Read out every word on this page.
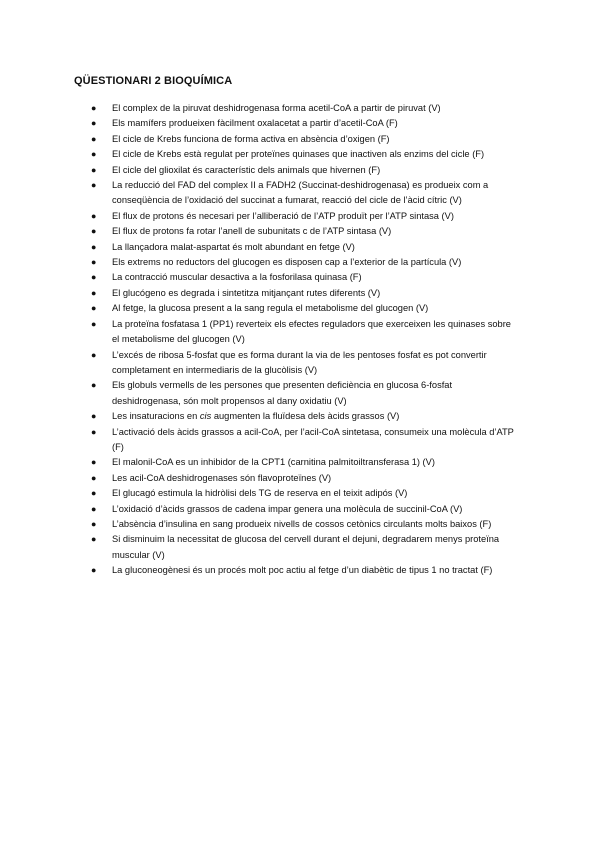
QÜESTIONARI 2 BIOQUÍMICA
● El complex de la piruvat deshidrogenasa forma acetil-CoA a partir de piruvat (V)
● Els mamífers produeixen fàcilment oxalacetat a partir d’acetil-CoA (F)
● El cicle de Krebs funciona de forma activa en absència d’oxigen (F)
● El cicle de Krebs està regulat per proteïnes quinases que inactiven als enzims del cicle (F)
● El cicle del glioxilat és característic dels animals que hivernen (F)
● La reducció del FAD del complex II a FADH2 (Succinat-deshidrogenasa) es produeix com a conseqüència de l’oxidació del succinat a fumarat, reacció del cicle de l’àcid cítric (V)
● El flux de protons és necesari per l’alliberació de l’ATP produït per l’ATP sintasa (V)
● El flux de protons fa rotar l’anell de subunitats c de l’ATP sintasa (V)
● La llançadora malat-aspartat és molt abundant en fetge (V)
● Els extrems no reductors del glucogen es disposen cap a l’exterior de la partícula (V)
● La contracció muscular desactiva a la fosforilasa quinasa (F)
● El glucógeno es degrada i sintetitza mitjançant rutes diferents (V)
● Al fetge, la glucosa present a la sang regula el metabolisme del glucogen (V)
● La proteïna fosfatasa 1 (PP1) reverteix els efectes reguladors que exerceixen les quinases sobre el metabolisme del glucogen (V)
● L’excés de ribosa 5-fosfat que es forma durant la via de les pentoses fosfat es pot convertir completament en intermediaris de la glucòlisis (V)
● Els globuls vermells de les persones que presenten deficiència en glucosa 6-fosfat deshidrogenasa, són molt propensos al dany oxidatiu (V)
● Les insaturacions en cis augmenten la fluïdesa dels àcids grassos (V)
● L’activació dels àcids grassos a acil-CoA, per l’acil-CoA sintetasa, consumeix una molècula d’ATP (F)
● El malonil-CoA es un inhibidor de la CPT1 (carnitina palmitoiltransferasa 1) (V)
● Les acil-CoA deshidrogenases són flavoproteïnes (V)
● El glucagó estimula la hidròlisi dels TG de reserva en el teixit adipós (V)
● L’oxidació d’àcids grassos de cadena impar genera una molècula de succinil-CoA (V)
● L’absència d’insulina en sang produeix nivells de cossos cetònics circulants molts baixos (F)
● Si disminuim la necessitat de glucosa del cervell durant el dejuni, degradarem menys proteïna muscular (V)
● La gluconeogènesi és un procés molt poc actiu al fetge d’un diabètic de tipus 1 no tractat (F)
